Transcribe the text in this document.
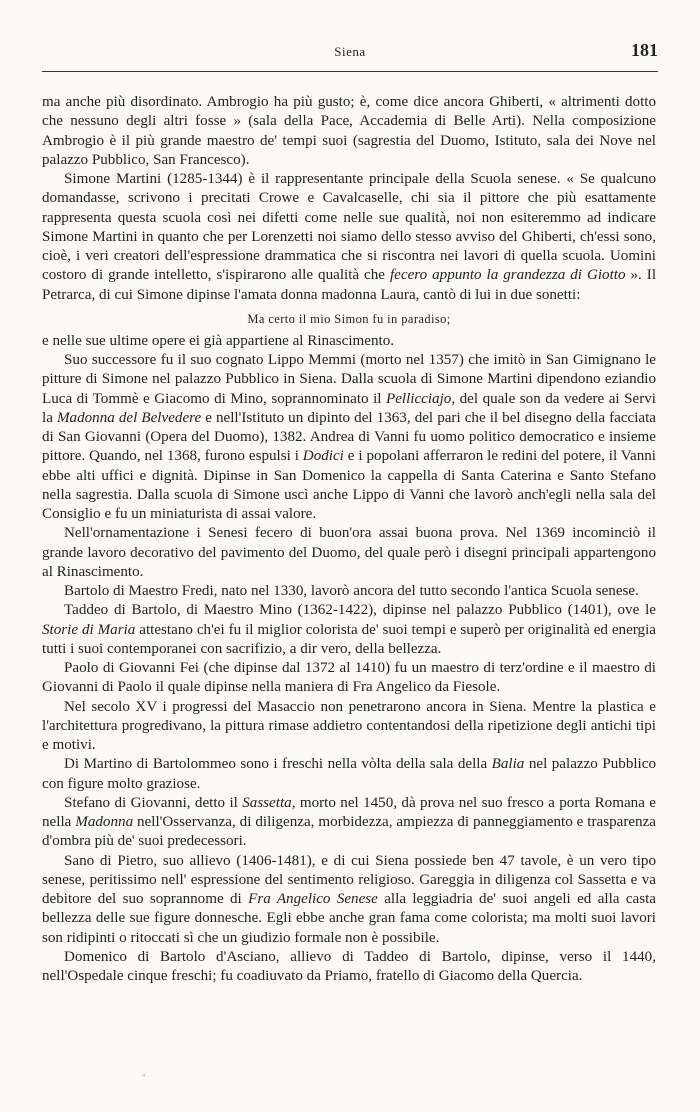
Siena	181

ma anche più disordinato. Ambrogio ha più gusto; è, come dice ancora Ghiberti, « altrimenti dotto che nessuno degli altri fosse » (sala della Pace, Accademia di Belle Arti). Nella composizione Ambrogio è il più grande maestro de' tempi suoi (sagrestia del Duomo, Istituto, sala dei Nove nel palazzo Pubblico, San Francesco).

Simone Martini (1285-1344) è il rappresentante principale della Scuola senese. « Se qualcuno domandasse, scrivono i precitati Crowe e Cavalcaselle, chi sia il pittore che più esattamente rappresenta questa scuola così nei difetti come nelle sue qualità, noi non esiteremmo ad indicare Simone Martini in quanto che per Lorenzetti noi siamo dello stesso avviso del Ghiberti, ch'essi sono, cioè, i veri creatori dell'espressione drammatica che si riscontra nei lavori di quella scuola. Uomini costoro di grande intelletto, s'ispirarono alle qualità che fecero appunto la grandezza di Giotto ». Il Petrarca, di cui Simone dipinse l'amata donna madonna Laura, cantò di lui in due sonetti:

Ma certo il mio Simon fu in paradiso;

e nelle sue ultime opere ei già appartiene al Rinascimento.

Suo successore fu il suo cognato Lippo Memmi (morto nel 1357) che imitò in San Gimignano le pitture di Simone nel palazzo Pubblico in Siena. Dalla scuola di Simone Martini dipendono eziandio Luca di Tommè e Giacomo di Mino, soprannominato il Pellicciajo, del quale son da vedere ai Servi la Madonna del Belvedere e nell'Istituto un dipinto del 1363, del pari che il bel disegno della facciata di San Giovanni (Opera del Duomo), 1382. Andrea di Vanni fu uomo politico democratico e insieme pittore. Quando, nel 1368, furono espulsi i Dodici e i popolani afferraron le redini del potere, il Vanni ebbe alti uffici e dignità. Dipinse in San Domenico la cappella di Santa Caterina e Santo Stefano nella sagrestia. Dalla scuola di Simone uscì anche Lippo di Vanni che lavorò anch'egli nella sala del Consiglio e fu un miniaturista di assai valore.

Nell'ornamentazione i Senesi fecero di buon'ora assai buona prova. Nel 1369 incominciò il grande lavoro decorativo del pavimento del Duomo, del quale però i disegni principali appartengono al Rinascimento.

Bartolo di Maestro Fredi, nato nel 1330, lavorò ancora del tutto secondo l'antica Scuola senese.

Taddeo di Bartolo, di Maestro Mino (1362-1422), dipinse nel palazzo Pubblico (1401), ove le Storie di Maria attestano ch'ei fu il miglior colorista de' suoi tempi e superò per originalità ed energia tutti i suoi contemporanei con sacrifizio, a dir vero, della bellezza.

Paolo di Giovanni Fei (che dipinse dal 1372 al 1410) fu un maestro di terz'ordine e il maestro di Giovanni di Paolo il quale dipinse nella maniera di Fra Angelico da Fiesole.

Nel secolo XV i progressi del Masaccio non penetrarono ancora in Siena. Mentre la plastica e l'architettura progredivano, la pittura rimase addietro contentandosi della ripetizione degli antichi tipi e motivi.

Di Martino di Bartolommeo sono i freschi nella vòlta della sala della Balia nel palazzo Pubblico con figure molto graziose.

Stefano di Giovanni, detto il Sassetta, morto nel 1450, dà prova nel suo fresco a porta Romana e nella Madonna nell'Osservanza, di diligenza, morbidezza, ampiezza di panneggiamento e trasparenza d'ombra più de' suoi predecessori.

Sano di Pietro, suo allievo (1406-1481), e di cui Siena possiede ben 47 tavole, è un vero tipo senese, peritissimo nell' espressione del sentimento religioso. Gareggia in diligenza col Sassetta e va debitore del suo soprannome di Fra Angelico Senese alla leggiadria de' suoi angeli ed alla casta bellezza delle sue figure donnesche. Egli ebbe anche gran fama come colorista; ma molti suoi lavori son ridipinti o ritoccati sì che un giudizio formale non è possibile.

Domenico di Bartolo d'Asciano, allievo di Taddeo di Bartolo, dipinse, verso il 1440, nell'Ospedale cinque freschi; fu coadiuvato da Priamo, fratello di Giacomo della Quercia.

"
